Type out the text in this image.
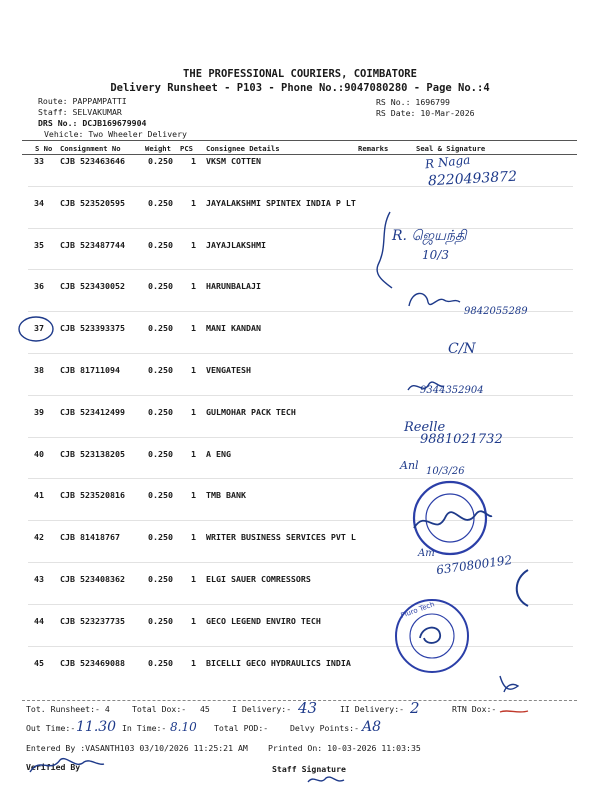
THE PROFESSIONAL COURIERS, COIMBATORE
Delivery Runsheet - P103 - Phone No.:9047080280 - Page No.:4
Route: PAPPAMPATTI
Staff: SELVAKUMAR
DRS No.: DCJB169679904
Vehicle: Two Wheeler Delivery
RS No.: 1696799
RS Date: 10-Mar-2026
S No Consignment No	Weight PCS Consignee Details	Remarks	Seal & Signature
33 CJB 523463646	0.250 1 VKSM COTTEN
34 CJB 523520595	0.250 1 JAYALAKSHMI SPINTEX INDIA P LT
35 CJB 523487744	0.250 1 JAYAJLAKSHMI
36 CJB 523430052	0.250 1 HARUNBALAJI
37 CJB 523393375	0.250 1 MANI KANDAN
38 CJB 81711094	0.250 1 VENGATESH
39 CJB 523412499	0.250 1 GULMOHAR PACK TECH
40 CJB 523138205	0.250 1 A ENG
41 CJB 523520816	0.250 1 TMB BANK
42 CJB 81418767	0.250 1 WRITER BUSINESS SERVICES PVT L
43 CJB 523408362	0.250 1 ELGI SAUER COMRESSORS
44 CJB 523237735	0.250 1 GECO LEGEND ENVIRO TECH
45 CJB 523469088	0.250 1 BICELLI GECO HYDRAULICS INDIA
R Naga
8220493872
R. ஜெயந்தி
10/3
9842055289
C/N
9344352904
Reelle
9881021732
Anl 10/3/26
Am 6370800192
Fluro Tech
Tot. Runsheet:- 4	Total Dox:- 45	I Delivery:- 43	II Delivery:- 2	RTN Dox:-
Out Time:- 11.30 In Time:- 8.10 Total POD:-	Delvy Points:- A8
Entered By :VASANTH103 03/10/2026 11:25:21 AM Printed On: 10-03-2026 11:03:35
Verified By	Staff Signature
